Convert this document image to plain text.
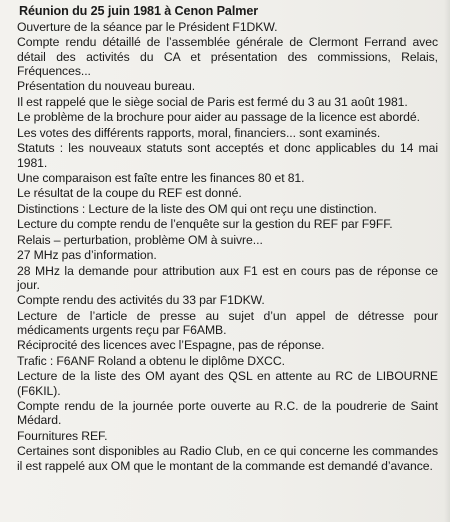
Réunion du 25 juin 1981 à Cenon Palmer

Ouverture de la séance par le Président F1DKW.

Compte rendu détaillé de l’assemblée générale de Clermont Ferrand avec détail des activités du CA et présentation des commissions, Relais, Fréquences...

Présentation du nouveau bureau.

Il est rappelé que le siège social de Paris est fermé du 3 au 31 août 1981.

Le problème de la brochure pour aider au passage de la licence est abordé.

Les votes des différents rapports, moral, financiers... sont examinés.

Statuts : les nouveaux statuts sont acceptés et donc applicables du 14 mai 1981.

Une comparaison est faîte entre les finances 80 et 81.

Le résultat de la coupe du REF est donné.

Distinctions : Lecture de la liste des OM qui ont reçu une distinction.

Lecture du compte rendu de l’enquête sur la gestion du REF par F9FF.

Relais – perturbation, problème OM à suivre...

27 MHz pas d’information.

28 MHz la demande pour attribution aux F1 est en cours pas de réponse ce jour.

Compte rendu des activités du 33 par F1DKW.

Lecture de l’article de presse au sujet d’un appel de détresse pour médicaments urgents reçu par F6AMB.

Réciprocité des licences avec l’Espagne, pas de réponse.

Trafic : F6ANF Roland a obtenu le diplôme DXCC.

Lecture de la liste des OM ayant des QSL en attente au RC de LIBOURNE (F6KIL).

Compte rendu de la journée porte ouverte au R.C. de la poudrerie de Saint Médard.

Fournitures REF.

Certaines sont disponibles au Radio Club, en ce qui concerne les commandes il est rappelé aux OM que le montant de la commande est demandé d’avance.
